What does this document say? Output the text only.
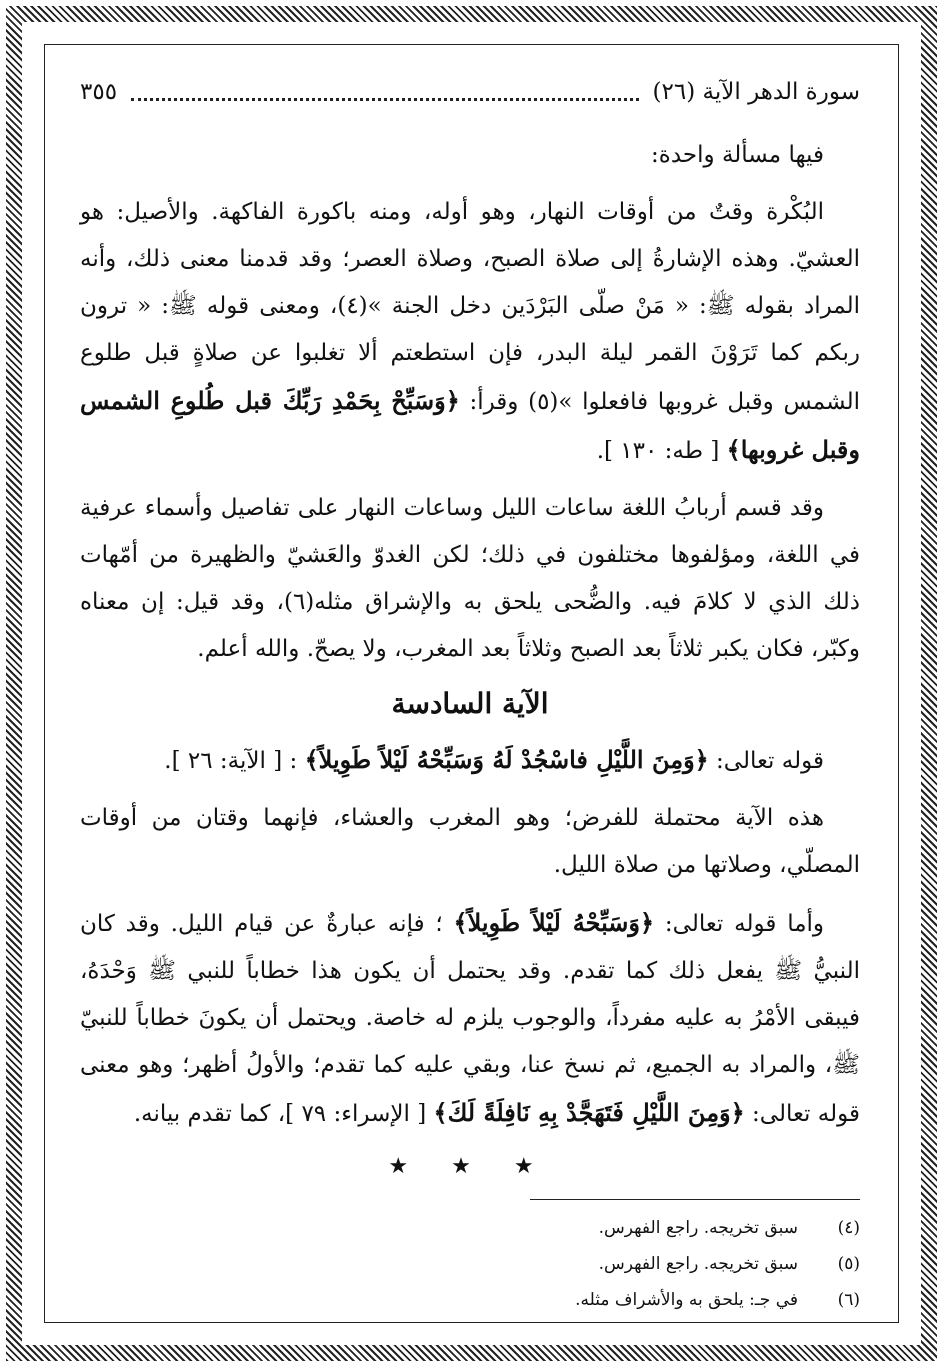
سورة الدهر الآية (٢٦)
٣٥٥

فيها مسألة واحدة:

البُكْرة وقتٌ من أوقات النهار، وهو أوله، ومنه باكورة الفاكهة. والأصيل: هو العشيّ. وهذه الإشارةُ إلى صلاة الصبح، وصلاة العصر؛ وقد قدمنا معنى ذلك، وأنه المراد بقوله ﷺ: « مَنْ صلّى البَرْدَين دخل الجنة »(٤)، ومعنى قوله ﷺ: « ترون ربكم كما تَرَوْنَ القمر ليلة البدر، فإن استطعتم ألا تغلبوا عن صلاةٍ قبل طلوع الشمس وقبل غروبها فافعلوا »(٥) وقرأ: ﴿وَسَبِّحْ بِحَمْدِ رَبِّكَ قبل طُلوعِ الشمس وقبل غروبها﴾ [ طه: ١٣٠ ].

وقد قسم أربابُ اللغة ساعات الليل وساعات النهار على تفاصيل وأسماء عرفية في اللغة، ومؤلفوها مختلفون في ذلك؛ لكن الغدوّ والعَشيّ والظهيرة من أمّهات ذلك الذي لا كلامَ فيه. والضُّحى يلحق به والإشراق مثله(٦)، وقد قيل: إن معناه وكبّر، فكان يكبر ثلاثاً بعد الصبح وثلاثاً بعد المغرب، ولا يصحّ. والله أعلم.

الآية السادسة

قوله تعالى: ﴿وَمِنَ اللَّيْلِ فاسْجُدْ لَهُ وَسَبِّحْهُ لَيْلاً طَوِيلاً﴾ : [ الآية: ٢٦ ].

هذه الآية محتملة للفرض؛ وهو المغرب والعشاء، فإنهما وقتان من أوقات المصلّي، وصلاتها من صلاة الليل.

وأما قوله تعالى: ﴿وَسَبِّحْهُ لَيْلاً طَوِيلاً﴾ ؛ فإنه عبارةٌ عن قيام الليل. وقد كان النبيُّ ﷺ يفعل ذلك كما تقدم. وقد يحتمل أن يكون هذا خطاباً للنبي ﷺ وَحْدَهُ، فيبقى الأمْرُ به عليه مفرداً، والوجوب يلزم له خاصة. ويحتمل أن يكونَ خطاباً للنبيّ ﷺ، والمراد به الجميع، ثم نسخ عنا، وبقي عليه كما تقدم؛ والأولُ أظهر؛ وهو معنى قوله تعالى: ﴿وَمِنَ اللَّيْلِ فَتَهَجَّدْ بِهِ نَافِلَةً لَكَ﴾ [ الإسراء: ٧٩ ]، كما تقدم بيانه.

★ ★ ★
(٤)
سبق تخريجه. راجع الفهرس.
(٥)
سبق تخريجه. راجع الفهرس.
(٦)
في جـ: يلحق به والأشراف مثله.
